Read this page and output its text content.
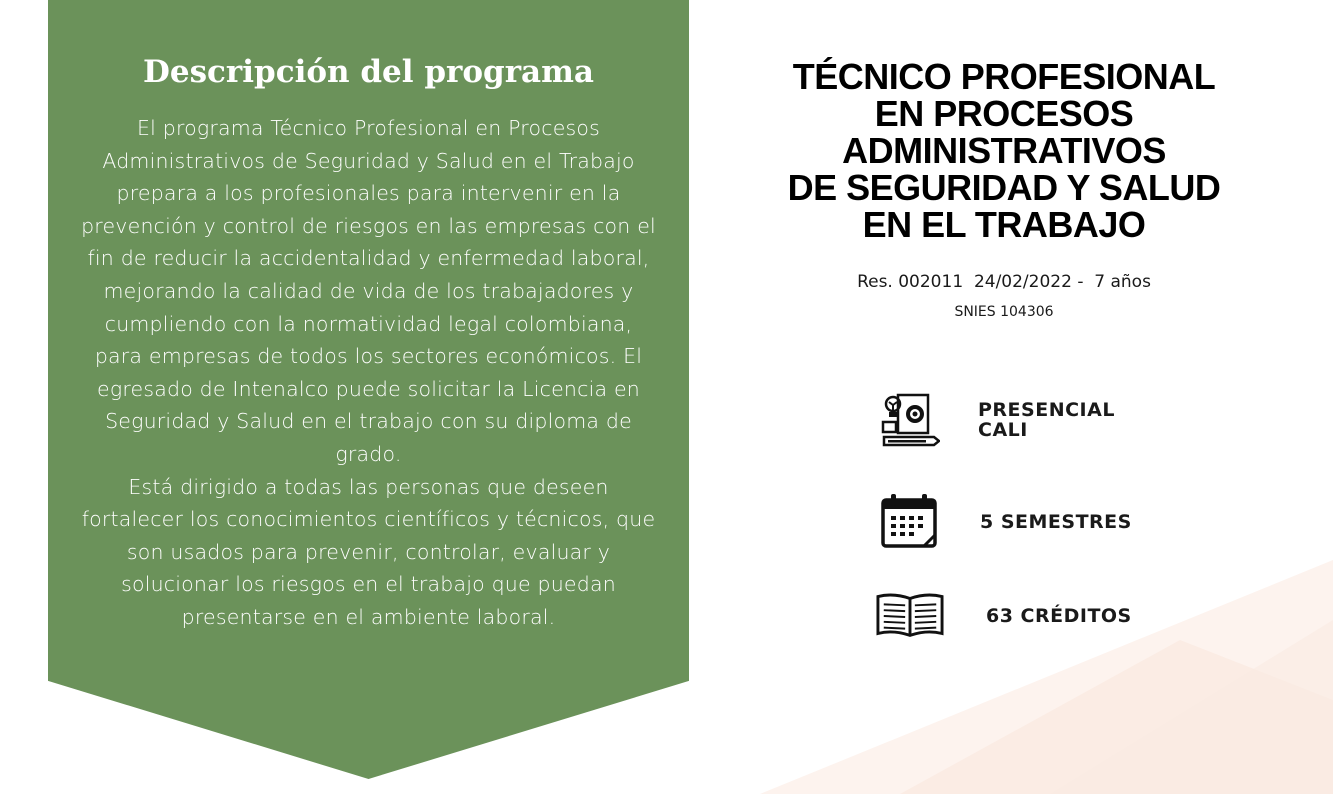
Descripción del programa

El programa Técnico Profesional en Procesos Administrativos de Seguridad y Salud en el Trabajo prepara a los profesionales para intervenir en la prevención y control de riesgos en las empresas con el fin de reducir la accidentalidad y enfermedad laboral, mejorando la calidad de vida de los trabajadores y cumpliendo con la normatividad legal colombiana, para empresas de todos los sectores económicos. El egresado de Intenalco puede solicitar la Licencia en Seguridad y Salud en el trabajo con su diploma de grado.

Está dirigido a todas las personas que deseen fortalecer los conocimientos científicos y técnicos, que son usados para prevenir, controlar, evaluar y solucionar los riesgos en el trabajo que puedan presentarse en el ambiente laboral.

TÉCNICO PROFESIONAL
EN PROCESOS
ADMINISTRATIVOS
DE SEGURIDAD Y SALUD
EN EL TRABAJO
Res. 002011  24/02/2022 -  7 años
SNIES 104306
PRESENCIAL
CALI
5 SEMESTRES
63 CRÉDITOS
